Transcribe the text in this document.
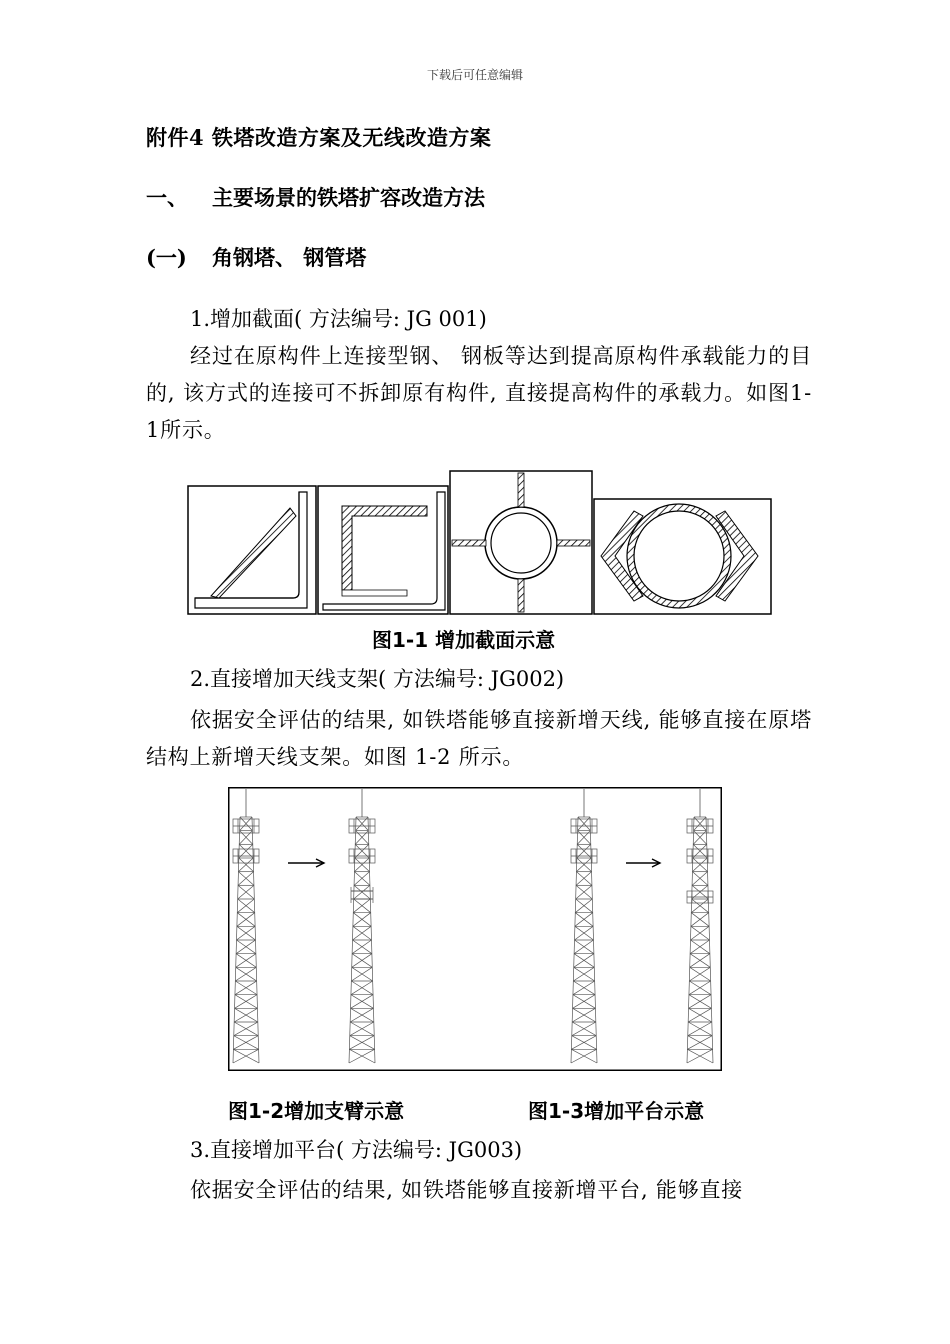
下载后可任意编辑
附件4 铁塔改造方案及无线改造方案
一、 主要场景的铁塔扩容改造方法
(一) 角钢塔、 钢管塔
1.增加截面( 方法编号: JG 001)
经过在原构件上连接型钢、 钢板等达到提高原构件承载能力的目的, 该方式的连接可不拆卸原有构件, 直接提高构件的承载力。如图1-1所示。
图1-1 增加截面示意
2.直接增加天线支架( 方法编号: JG002)
依据安全评估的结果, 如铁塔能够直接新增天线, 能够直接在原塔结构上新增天线支架。如图 1-2 所示。
图1-2增加支臂示意	图1-3增加平台示意
3.直接增加平台( 方法编号: JG003)
依据安全评估的结果, 如铁塔能够直接新增平台, 能够直接
